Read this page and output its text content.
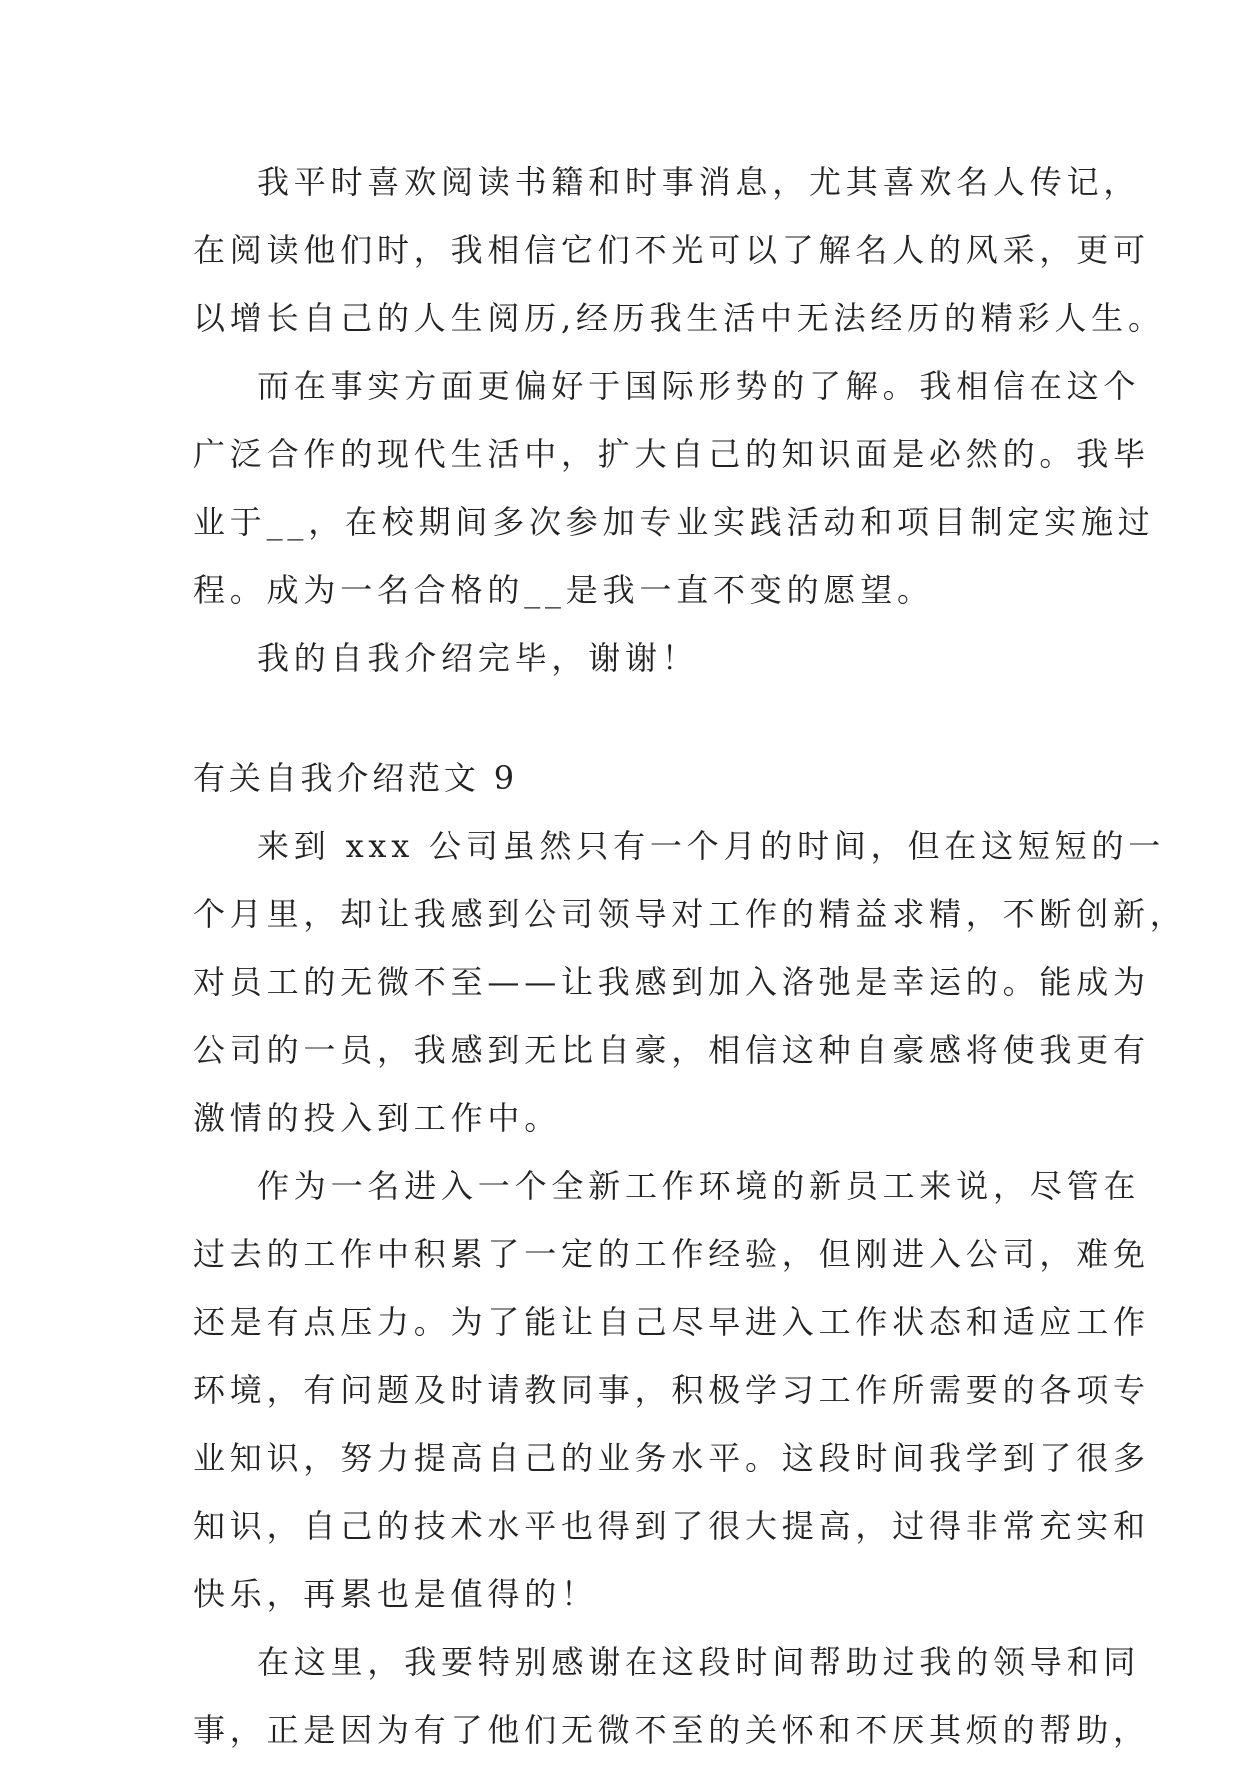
我平时喜欢阅读书籍和时事消息，尤其喜欢名人传记，
在阅读他们时，我相信它们不光可以了解名人的风采，更可
以增长自己的人生阅历,经历我生活中无法经历的精彩人生。
而在事实方面更偏好于国际形势的了解。我相信在这个
广泛合作的现代生活中，扩大自己的知识面是必然的。我毕
业于__，在校期间多次参加专业实践活动和项目制定实施过
程。成为一名合格的__是我一直不变的愿望。
我的自我介绍完毕，谢谢！
有关自我介绍范文 9
来到 xxx 公司虽然只有一个月的时间，但在这短短的一
个月里，却让我感到公司领导对工作的精益求精，不断创新，
对员工的无微不至——让我感到加入洛弛是幸运的。能成为
公司的一员，我感到无比自豪，相信这种自豪感将使我更有
激情的投入到工作中。
作为一名进入一个全新工作环境的新员工来说，尽管在
过去的工作中积累了一定的工作经验，但刚进入公司，难免
还是有点压力。为了能让自己尽早进入工作状态和适应工作
环境，有问题及时请教同事，积极学习工作所需要的各项专
业知识，努力提高自己的业务水平。这段时间我学到了很多
知识，自己的技术水平也得到了很大提高，过得非常充实和
快乐，再累也是值得的！
在这里，我要特别感谢在这段时间帮助过我的领导和同
事，正是因为有了他们无微不至的关怀和不厌其烦的帮助，
